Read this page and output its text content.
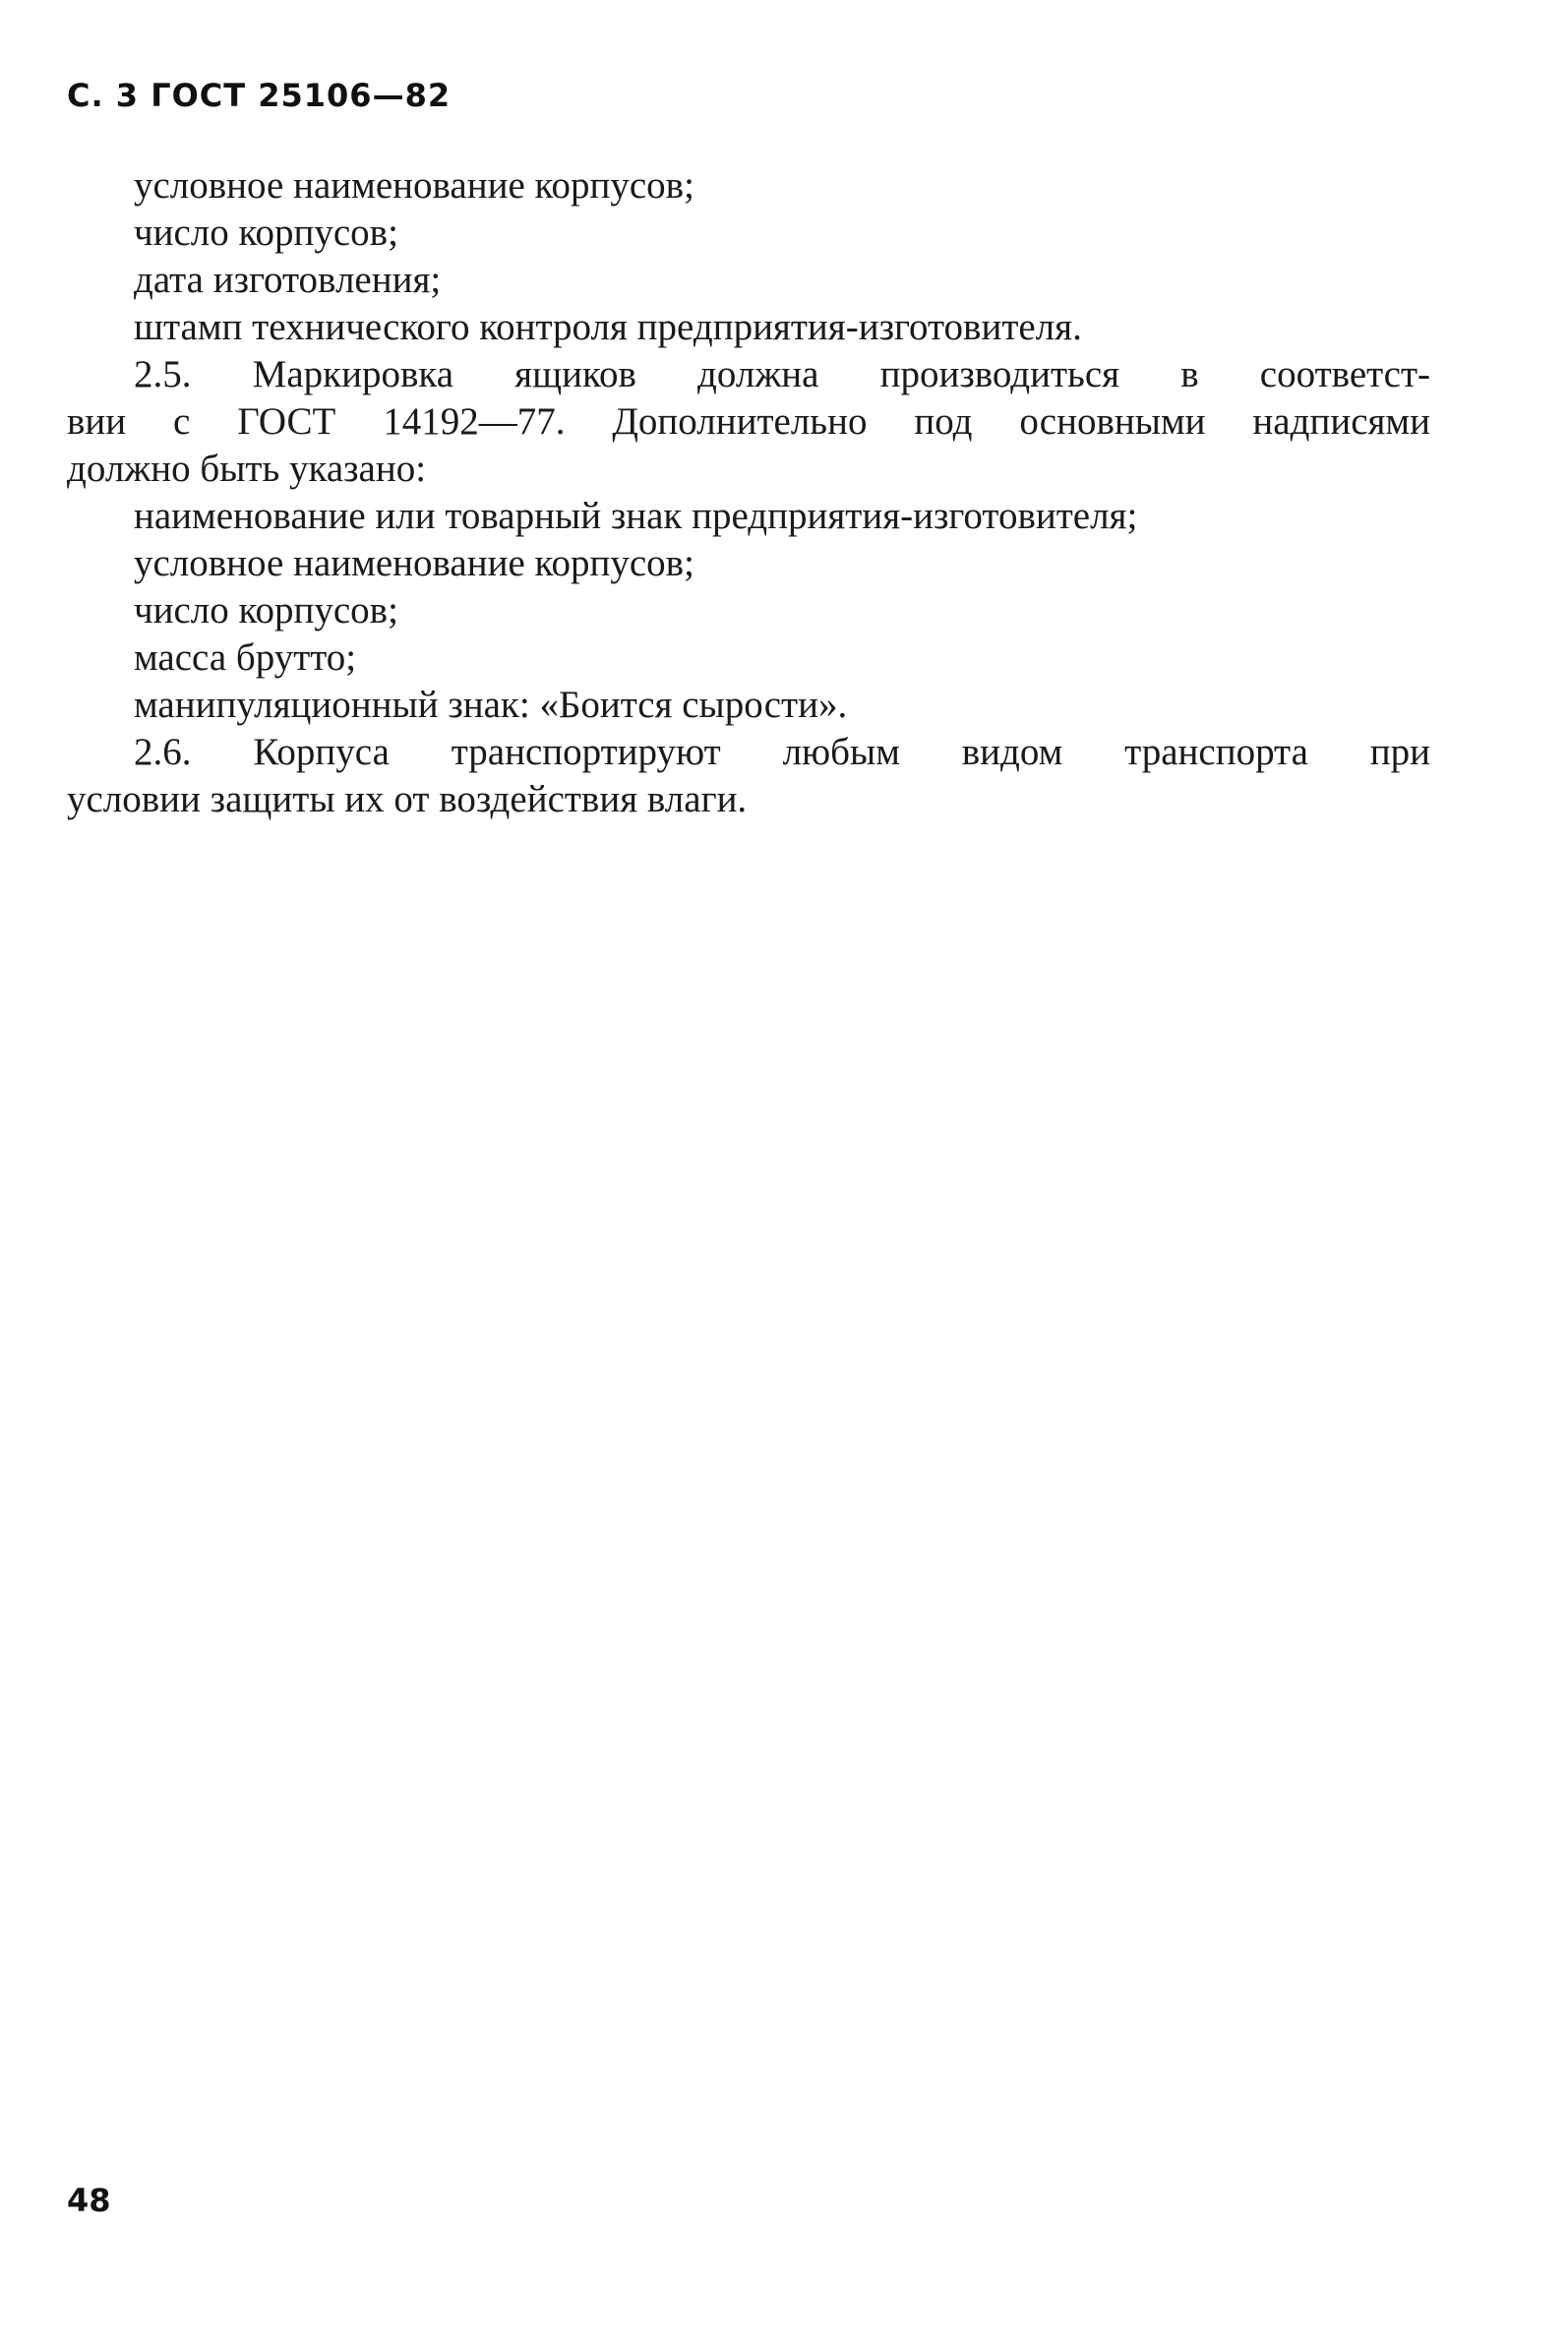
С. 3 ГОСТ 25106—82
условное наименование корпусов;
число корпусов;
дата изготовления;
штамп технического контроля предприятия-изготовителя.
2.5. Маркировка ящиков должна производиться в соответст-
вии с ГОСТ 14192—77. Дополнительно под основными надписями
должно быть указано:
наименование или товарный знак предприятия-изготовителя;
условное наименование корпусов;
число корпусов;
масса брутто;
манипуляционный знак: «Боится сырости».
2.6. Корпуса транспортируют любым видом транспорта при
условии защиты их от воздействия влаги.
48
